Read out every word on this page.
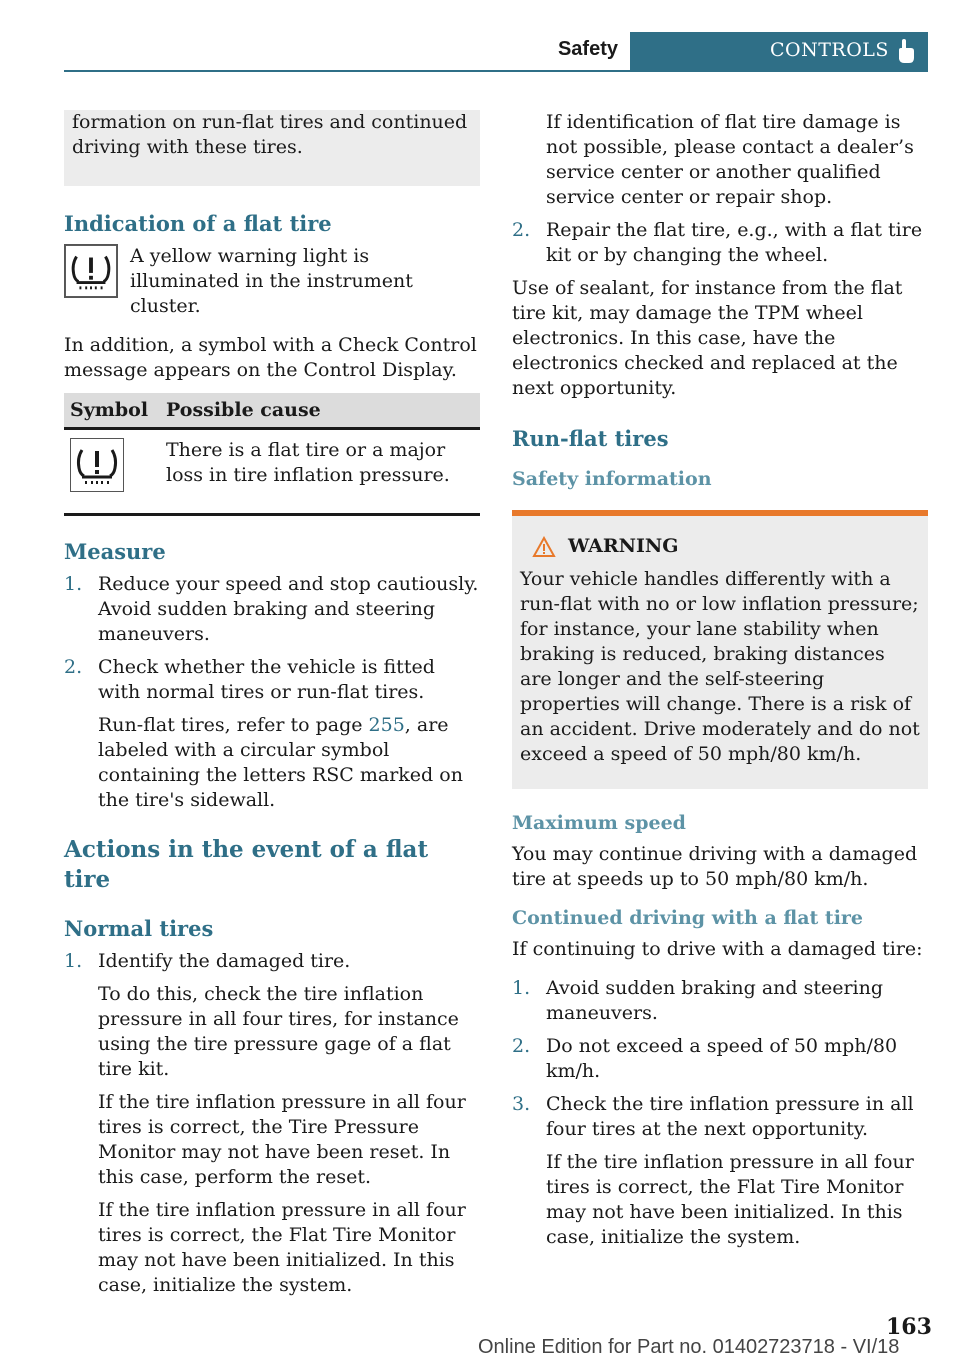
Safety	CONTROLS

formation on run-flat tires and continued driving with these tires.

Indication of a flat tire

A yellow warning light is illuminated in the instrument cluster.

In addition, a symbol with a Check Control message appears on the Control Display.

Symbol	Possible cause
	There is a flat tire or a major loss in tire inflation pressure.
Measure
1. Reduce your speed and stop cautiously. Avoid sudden braking and steering maneuvers.

2. Check whether the vehicle is fitted with normal tires or run-flat tires.

Run-flat tires, refer to page 255, are labeled with a circular symbol containing the letters RSC marked on the tire's sidewall.

Actions in the event of a flat tire
Normal tires
1. Identify the damaged tire.

To do this, check the tire inflation pressure in all four tires, for instance using the tire pressure gage of a flat tire kit.

If the tire inflation pressure in all four tires is correct, the Tire Pressure Monitor may not have been reset. In this case, perform the reset.

If the tire inflation pressure in all four tires is correct, the Flat Tire Monitor may not have been initialized. In this case, initialize the system.

If identification of flat tire damage is not possible, please contact a dealer’s service center or another qualified service center or repair shop.

2. Repair the flat tire, e.g., with a flat tire kit or by changing the wheel.

Use of sealant, for instance from the flat tire kit, may damage the TPM wheel electronics. In this case, have the electronics checked and replaced at the next opportunity.

Run-flat tires
Safety information
WARNING

Your vehicle handles differently with a run-flat with no or low inflation pressure; for instance, your lane stability when braking is reduced, braking distances are longer and the self-steering properties will change. There is a risk of an accident. Drive moderately and do not exceed a speed of 50 mph/80 km/h.

Maximum speed

You may continue driving with a damaged tire at speeds up to 50 mph/80 km/h.

Continued driving with a flat tire

If continuing to drive with a damaged tire:

1. Avoid sudden braking and steering maneuvers.

2. Do not exceed a speed of 50 mph/80 km/h.

3. Check the tire inflation pressure in all four tires at the next opportunity.

If the tire inflation pressure in all four tires is correct, the Flat Tire Monitor may not have been initialized. In this case, initialize the system.

163
Online Edition for Part no. 01402723718 - VI/18
